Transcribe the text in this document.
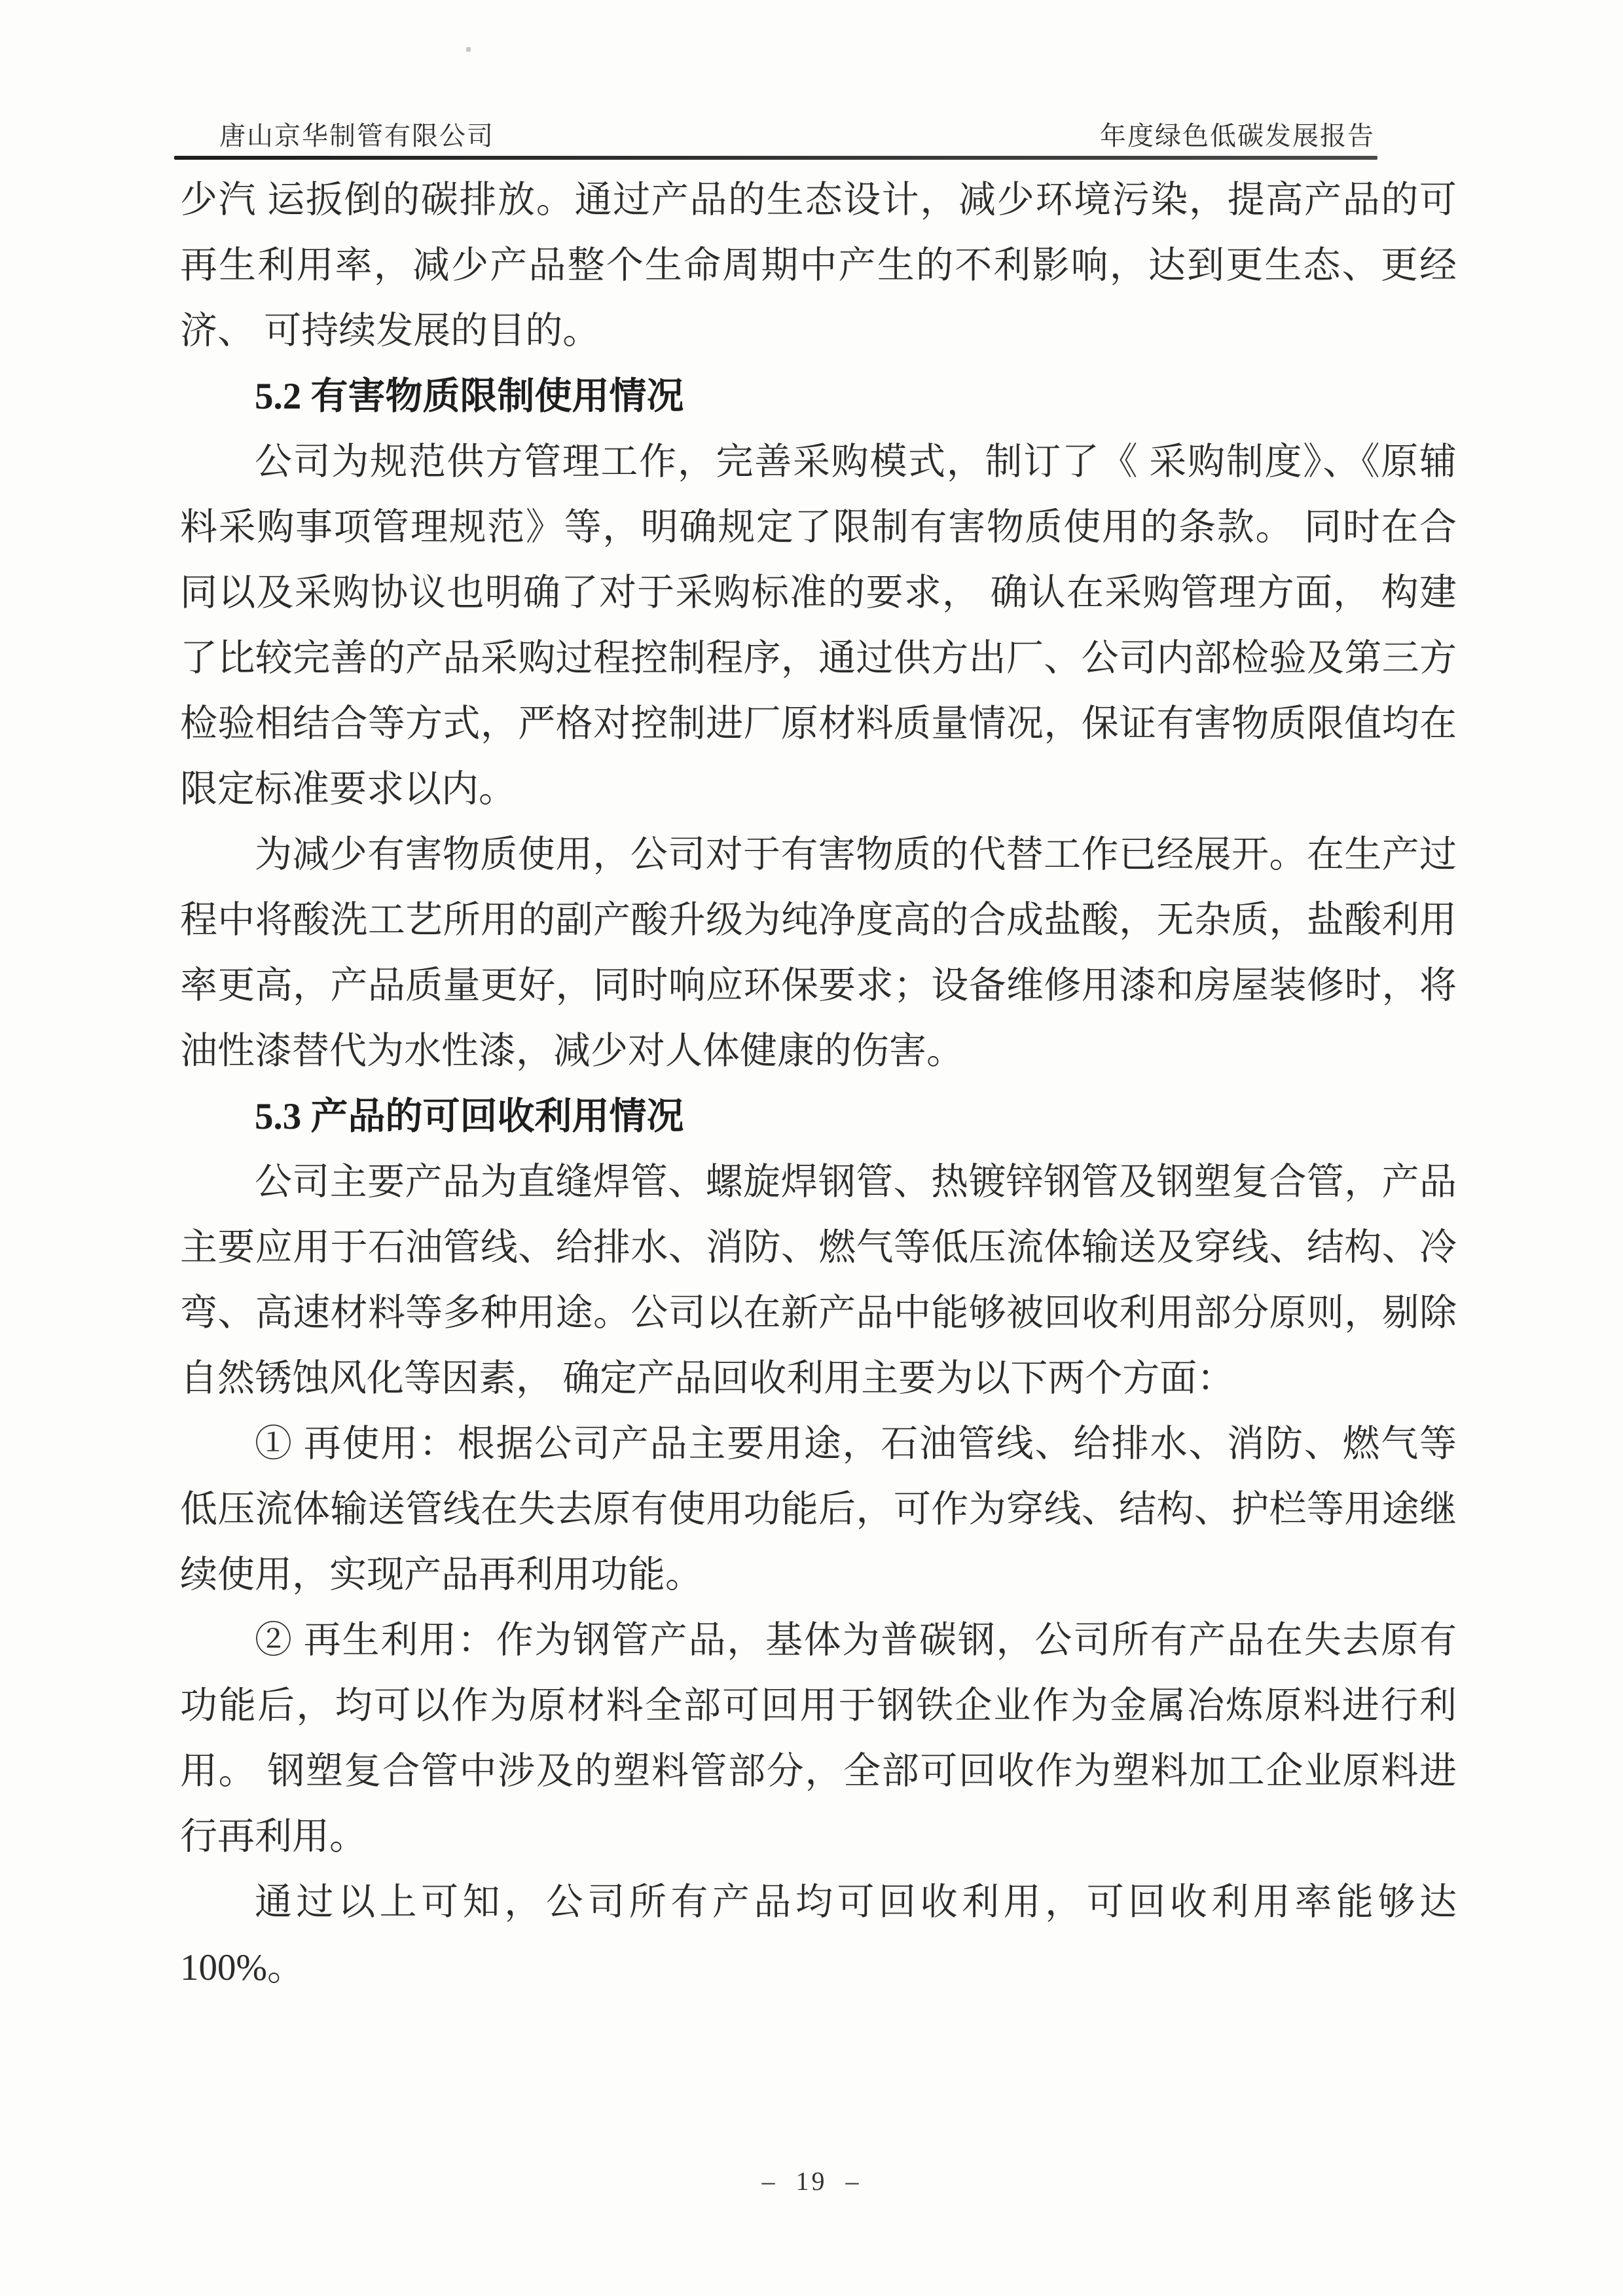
唐山京华制管有限公司	年度绿色低碳发展报告

少汽 运扳倒的碳排放。通过产品的生态设计，减少环境污染，提高产品的可再生利用率，减少产品整个生命周期中产生的不利影响，达到更生态、更经济、 可持续发展的目的。

5.2 有害物质限制使用情况

公司为规范供方管理工作，完善采购模式，制订了《 采购制度》、《原辅料采购事项管理规范》等，明确规定了限制有害物质使用的条款。 同时在合同以及采购协议也明确了对于采购标准的要求， 确认在采购管理方面， 构建了比较完善的产品采购过程控制程序，通过供方出厂、公司内部检验及第三方检验相结合等方式，严格对控制进厂原材料质量情况，保证有害物质限值均在限定标准要求以内。

为减少有害物质使用，公司对于有害物质的代替工作已经展开。在生产过程中将酸洗工艺所用的副产酸升级为纯净度高的合成盐酸，无杂质，盐酸利用率更高，产品质量更好，同时响应环保要求；设备维修用漆和房屋装修时，将油性漆替代为水性漆，减少对人体健康的伤害。

5.3 产品的可回收利用情况

公司主要产品为直缝焊管、螺旋焊钢管、热镀锌钢管及钢塑复合管，产品主要应用于石油管线、给排水、消防、燃气等低压流体输送及穿线、结构、冷弯、高速材料等多种用途。公司以在新产品中能够被回收利用部分原则，剔除自然锈蚀风化等因素， 确定产品回收利用主要为以下两个方面：

① 再使用：根据公司产品主要用途，石油管线、给排水、消防、燃气等低压流体输送管线在失去原有使用功能后，可作为穿线、结构、护栏等用途继续使用，实现产品再利用功能。

② 再生利用：作为钢管产品，基体为普碳钢，公司所有产品在失去原有功能后，均可以作为原材料全部可回用于钢铁企业作为金属冶炼原料进行利用。 钢塑复合管中涉及的塑料管部分，全部可回收作为塑料加工企业原料进行再利用。

通过以上可知，公司所有产品均可回收利用，可回收利用率能够达 100%。

– 19 –
